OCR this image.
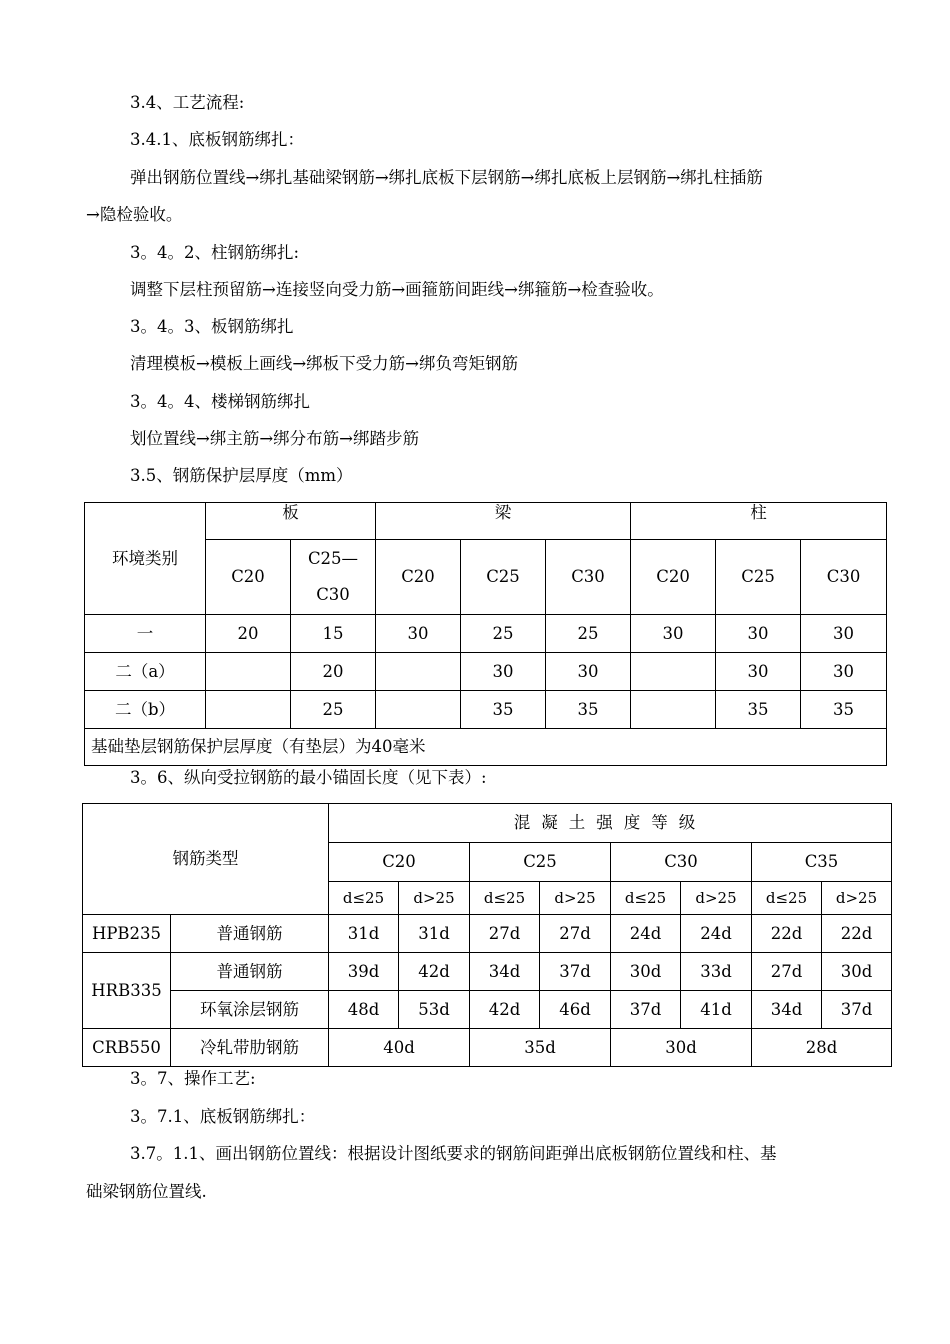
3.4、工艺流程:
3.4.1、底板钢筋绑扎：
弹出钢筋位置线→绑扎基础梁钢筋→绑扎底板下层钢筋→绑扎底板上层钢筋→绑扎柱插筋
→隐检验收。
3。4。2、柱钢筋绑扎:
调整下层柱预留筋→连接竖向受力筋→画箍筋间距线→绑箍筋→检查验收。
3。4。3、板钢筋绑扎
清理模板→模板上画线→绑板下受力筋→绑负弯矩钢筋
3。4。4、楼梯钢筋绑扎
划位置线→绑主筋→绑分布筋→绑踏步筋
3.5、钢筋保护层厚度（mm）
环境类别	板		梁			柱		
	C20	C25—
C30	C20	C25	C30	C20	C25	C30
一	20	15	30	25	25	30	30	30
二（a）		20		30	30		30	30
二（b）		25		35	35		35	35
基础垫层钢筋保护层厚度（有垫层）为40毫米								
3。6、纵向受拉钢筋的最小锚固长度（见下表）:
钢筋类型		混凝土强度等级							
		C20		C25		C30		C35	
		d≤25	d>25	d≤25	d>25	d≤25	d>25	d≤25	d>25
HPB235	普通钢筋	31d	31d	27d	27d	24d	24d	22d	22d
HRB335	普通钢筋	39d	42d	34d	37d	30d	33d	27d	30d
	环氧涂层钢筋	48d	53d	42d	46d	37d	41d	34d	37d
CRB550	冷轧带肋钢筋	40d		35d		30d		28d	
3。7、操作工艺:
3。7.1、底板钢筋绑扎：
3.7。1.1、画出钢筋位置线：根据设计图纸要求的钢筋间距弹出底板钢筋位置线和柱、基
础梁钢筋位置线.
